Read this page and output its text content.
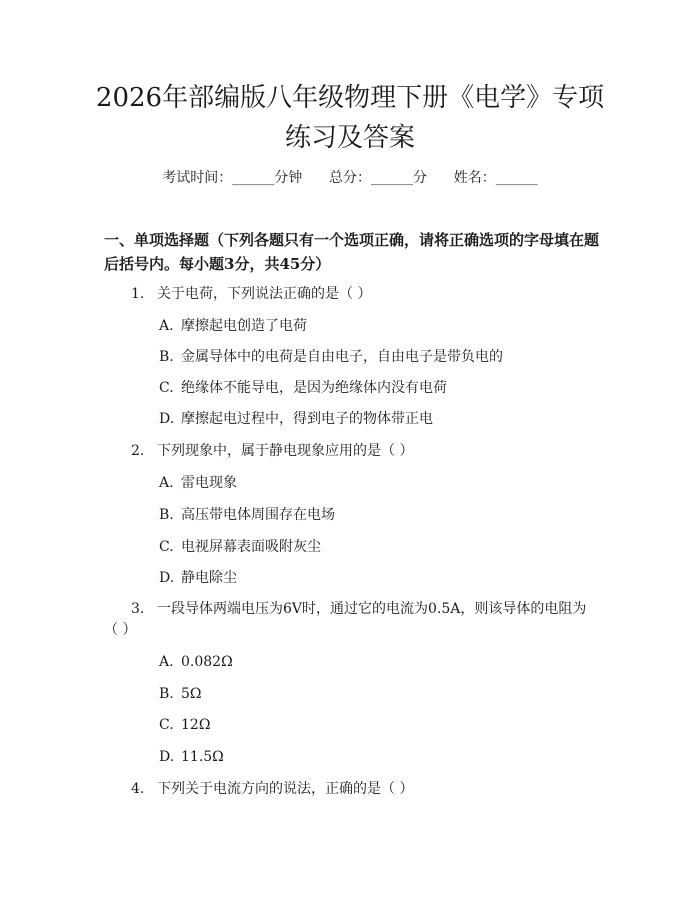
2026年部编版八年级物理下册《电学》专项练习及答案
考试时间：______分钟      总分：______分      姓名：______
一、单项选择题（下列各题只有一个选项正确，请将正确选项的字母填在题后括号内。每小题3分，共45分）
1. 关于电荷，下列说法正确的是（ ）
A. 摩擦起电创造了电荷
B. 金属导体中的电荷是自由电子，自由电子是带负电的
C. 绝缘体不能导电，是因为绝缘体内没有电荷
D. 摩擦起电过程中，得到电子的物体带正电
2. 下列现象中，属于静电现象应用的是（ ）
A. 雷电现象
B. 高压带电体周围存在电场
C. 电视屏幕表面吸附灰尘
D. 静电除尘
3. 一段导体两端电压为6V时，通过它的电流为0.5A，则该导体的电阻为
（ ）
A. 0.082Ω
B. 5Ω
C. 12Ω
D. 11.5Ω
4. 下列关于电流方向的说法，正确的是（ ）
